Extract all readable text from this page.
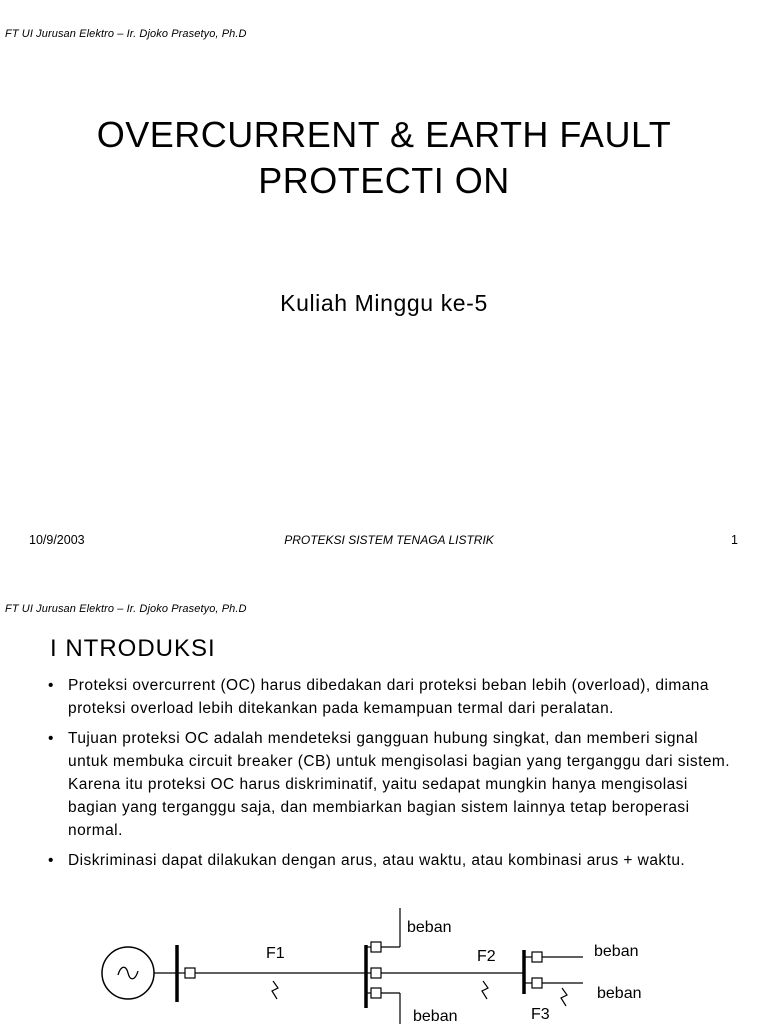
FT UI Jurusan Elektro – Ir. Djoko Prasetyo, Ph.D
OVERCURRENT & EARTH FAULT
PROTECTI ON
Kuliah Minggu ke-5
10/9/2003	PROTEKSI SISTEM TENAGA LISTRIK	1
FT UI Jurusan Elektro – Ir. Djoko Prasetyo, Ph.D
I NTRODUKSI
• Proteksi overcurrent (OC) harus dibedakan dari proteksi beban lebih (overload), dimana proteksi overload lebih ditekankan pada kemampuan termal dari peralatan.
• Tujuan proteksi OC adalah mendeteksi gangguan hubung singkat, dan memberi signal untuk membuka circuit breaker (CB) untuk mengisolasi bagian yang terganggu dari sistem. Karena itu proteksi OC harus diskriminatif, yaitu sedapat mungkin hanya mengisolasi bagian yang terganggu saja, dan membiarkan bagian sistem lainnya tetap beroperasi normal.
• Diskriminasi dapat dilakukan dengan arus, atau waktu, atau kombinasi arus + waktu.
F1
beban
beban
F2	beban
beban
F3
